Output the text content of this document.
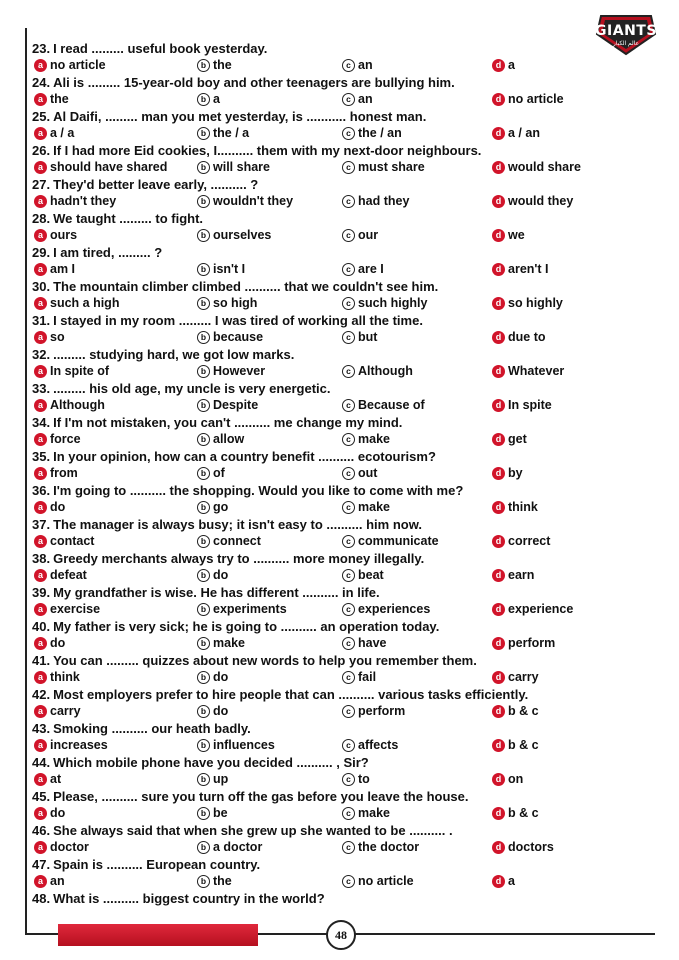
GIANTS
عالم الكبار
23. I read ......... useful book yesterday.
a no article	b the	c an	d a
24. Ali is ......... 15-year-old boy and other teenagers are bullying him.
a the	b a	c an	d no article
25. Al Daifi, ......... man you met yesterday, is ........... honest man.
a a / a	b the / a	c the / an	d a / an
26. If I had more Eid cookies, I.......... them with my next-door neighbours.
a should have shared	b will share	c must share	d would share
27. They'd better leave early, .......... ?
a hadn't they	b wouldn't they	c had they	d would they
28. We taught ......... to fight.
a ours	b ourselves	c our	d we
29. I am tired, ......... ?
a am I	b isn't I	c are I	d aren't I
30. The mountain climber climbed .......... that we couldn't see him.
a such a high	b so high	c such highly	d so highly
31. I stayed in my room ......... I was tired of working all the time.
a so	b because	c but	d due to
32. ......... studying hard, we got low marks.
a In spite of	b However	c Although	d Whatever
33. ......... his old age, my uncle is very energetic.
a Although	b Despite	c Because of	d In spite
34. If I'm not mistaken, you can't .......... me change my mind.
a force	b allow	c make	d get
35. In your opinion, how can a country benefit .......... ecotourism?
a from	b of	c out	d by
36. I'm going to .......... the shopping. Would you like to come with me?
a do	b go	c make	d think
37. The manager is always busy; it isn't easy to .......... him now.
a contact	b connect	c communicate	d correct
38. Greedy merchants always try to .......... more money illegally.
a defeat	b do	c beat	d earn
39. My grandfather is wise. He has different .......... in life.
a exercise	b experiments	c experiences	d experience
40. My father is very sick; he is going to .......... an operation today.
a do	b make	c have	d perform
41. You can ......... quizzes about new words to help you remember them.
a think	b do	c fail	d carry
42. Most employers prefer to hire people that can .......... various tasks efficiently.
a carry	b do	c perform	d b & c
43. Smoking .......... our heath badly.
a increases	b influences	c affects	d b & c
44. Which mobile phone have you decided .......... , Sir?
a at	b up	c to	d on
45. Please, .......... sure you turn off the gas before you leave the house.
a do	b be	c make	d b & c
46. She always said that when she grew up she wanted to be .......... .
a doctor	b a doctor	c the doctor	d doctors
47. Spain is .......... European country.
a an	b the	c no article	d a
48. What is .......... biggest country in the world?
48
